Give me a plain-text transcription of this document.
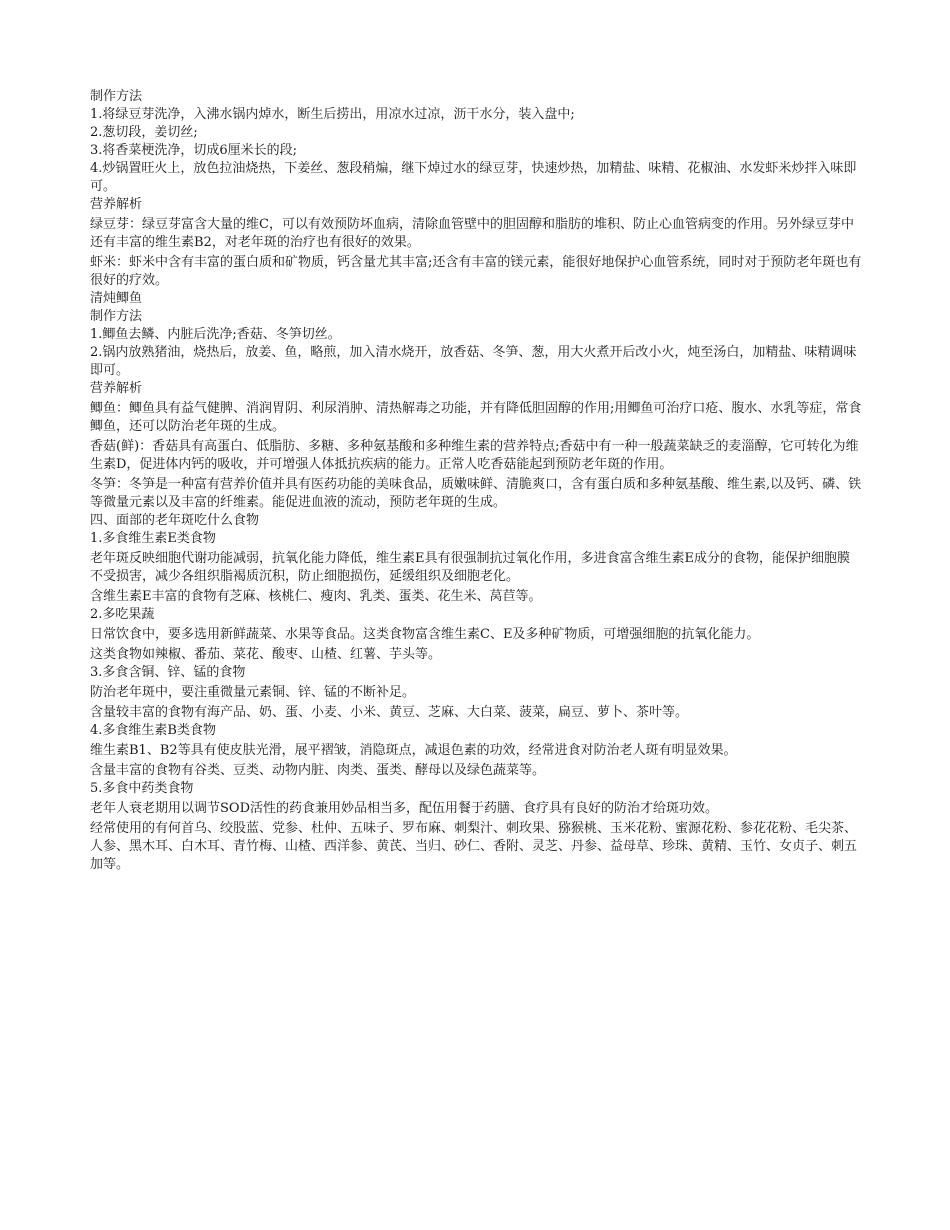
制作方法
1.将绿豆芽洗净，入沸水锅内焯水，断生后捞出，用凉水过凉，沥干水分，装入盘中;
2.葱切段，姜切丝;
3.将香菜梗洗净，切成6厘米长的段;
4.炒锅置旺火上，放色拉油烧热，下姜丝、葱段稍煸，继下焯过水的绿豆芽，快速炒热，加精盐、味精、花椒油、水发虾米炒拌入味即可。
营养解析
绿豆芽：绿豆芽富含大量的维C，可以有效预防坏血病，清除血管壁中的胆固醇和脂肪的堆积、防止心血管病变的作用。另外绿豆芽中还有丰富的维生素B2，对老年斑的治疗也有很好的效果。
虾米：虾米中含有丰富的蛋白质和矿物质，钙含量尤其丰富;还含有丰富的镁元素，能很好地保护心血管系统，同时对于预防老年斑也有很好的疗效。
清炖鲫鱼
制作方法
1.鲫鱼去鳞、内脏后洗净;香菇、冬笋切丝。
2.锅内放熟猪油，烧热后，放姜、鱼，略煎，加入清水烧开，放香菇、冬笋、葱，用大火煮开后改小火，炖至汤白，加精盐、味精调味即可。
营养解析
鲫鱼：鲫鱼具有益气健脾、消润胃阴、利尿消肿、清热解毒之功能，并有降低胆固醇的作用;用鲫鱼可治疗口疮、腹水、水乳等症，常食鲫鱼，还可以防治老年斑的生成。
香菇(鲜)：香菇具有高蛋白、低脂肪、多糖、多种氨基酸和多种维生素的营养特点;香菇中有一种一般蔬菜缺乏的麦淄醇，它可转化为维生素D，促进体内钙的吸收，并可增强人体抵抗疾病的能力。正常人吃香菇能起到预防老年斑的作用。
冬笋：冬笋是一种富有营养价值并具有医药功能的美味食品，质嫩味鲜、清脆爽口，含有蛋白质和多种氨基酸、维生素,以及钙、磷、铁等微量元素以及丰富的纤维素。能促进血液的流动，预防老年斑的生成。
四、面部的老年斑吃什么食物
1.多食维生素E类食物
老年斑反映细胞代谢功能减弱，抗氧化能力降低，维生素E具有很强制抗过氧化作用，多进食富含维生素E成分的食物，能保护细胞膜不受损害，减少各组织脂褐质沉积，防止细胞损伤，延缓组织及细胞老化。
含维生素E丰富的食物有芝麻、核桃仁、瘦肉、乳类、蛋类、花生米、莴苣等。
2.多吃果蔬
日常饮食中，要多选用新鲜蔬菜、水果等食品。这类食物富含维生素C、E及多种矿物质，可增强细胞的抗氧化能力。
这类食物如辣椒、番茄、菜花、酸枣、山楂、红薯、芋头等。
3.多食含铜、锌、锰的食物
防治老年斑中，要注重微量元素铜、锌、锰的不断补足。
含量较丰富的食物有海产品、奶、蛋、小麦、小米、黄豆、芝麻、大白菜、菠菜，扁豆、萝卜、茶叶等。
4.多食维生素B类食物
维生素B1、B2等具有使皮肤光滑，展平褶皱，消隐斑点，减退色素的功效，经常进食对防治老人斑有明显效果。
含量丰富的食物有谷类、豆类、动物内脏、肉类、蛋类、酵母以及绿色蔬菜等。
5.多食中药类食物
老年人衰老期用以调节SOD活性的药食兼用妙品相当多，配伍用餐于药膳、食疗具有良好的防治才给斑功效。
经常使用的有何首乌、绞股蓝、党参、杜仲、五味子、罗布麻、刺梨汁、刺玫果、猕猴桃、玉米花粉、蜜源花粉、参花花粉、毛尖茶、人参、黑木耳、白木耳、青竹梅、山楂、西洋参、黄芪、当归、砂仁、香附、灵芝、丹参、益母草、珍珠、黄精、玉竹、女贞子、刺五加等。
